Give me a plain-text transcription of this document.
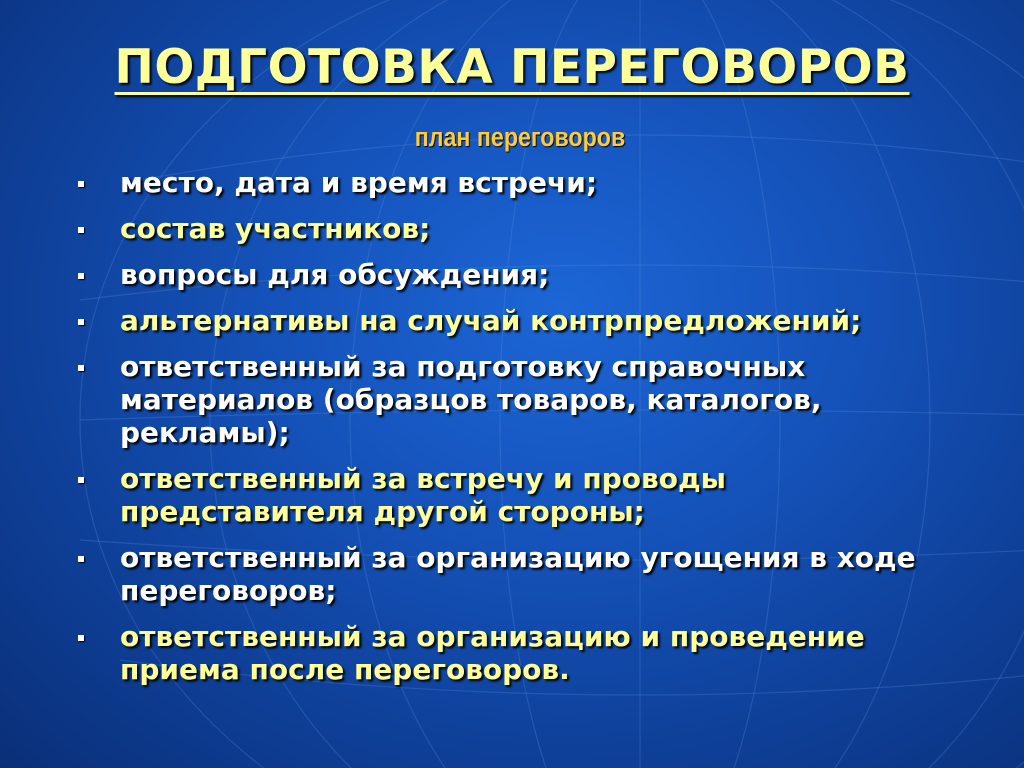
ПОДГОТОВКА ПЕРЕГОВОРОВ
план переговоров
место, дата и время встречи;
состав участников;
вопросы для обсуждения;
альтернативы на случай контрпредложений;
ответственный за подготовку справочных материалов (образцов товаров, каталогов, рекламы);
ответственный за встречу и проводы представителя другой стороны;
ответственный за организацию угощения в ходе переговоров;
ответственный за организацию и проведение приема после переговоров.
